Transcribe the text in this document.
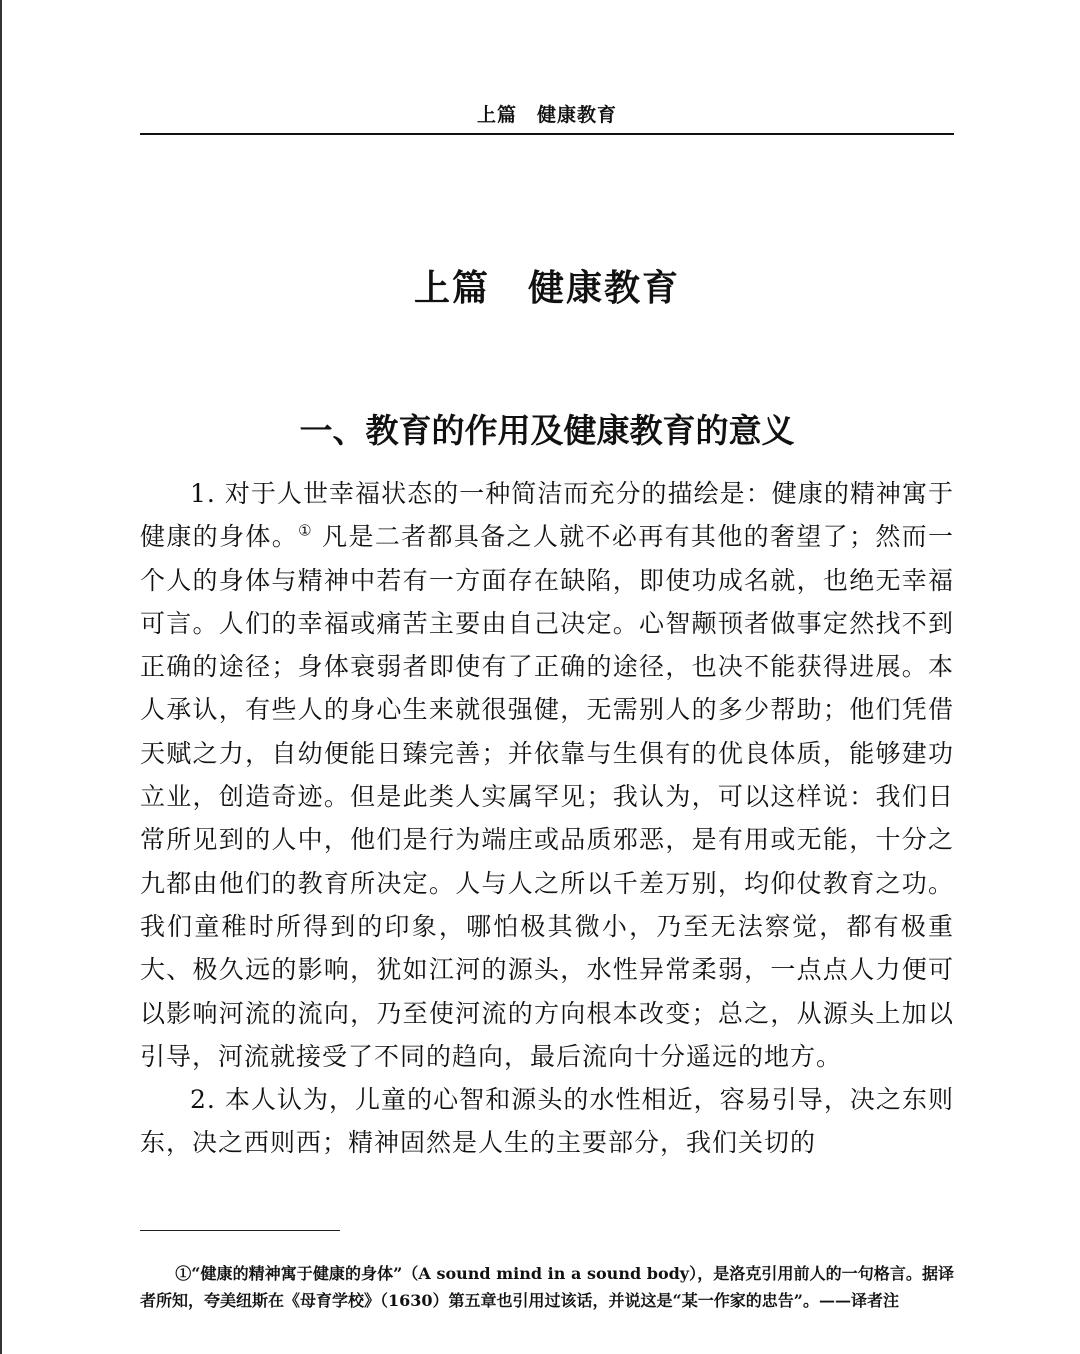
上篇　健康教育
上篇　健康教育
一、教育的作用及健康教育的意义

1. 对于人世幸福状态的一种简洁而充分的描绘是：健康的精神寓于健康的身体。① 凡是二者都具备之人就不必再有其他的奢望了；然而一个人的身体与精神中若有一方面存在缺陷，即使功成名就，也绝无幸福可言。人们的幸福或痛苦主要由自己决定。心智颟顸者做事定然找不到正确的途径；身体衰弱者即使有了正确的途径，也决不能获得进展。本人承认，有些人的身心生来就很强健，无需别人的多少帮助；他们凭借天赋之力，自幼便能日臻完善；并依靠与生俱有的优良体质，能够建功立业，创造奇迹。但是此类人实属罕见；我认为，可以这样说：我们日常所见到的人中，他们是行为端庄或品质邪恶，是有用或无能，十分之九都由他们的教育所决定。人与人之所以千差万别，均仰仗教育之功。我们童稚时所得到的印象，哪怕极其微小，乃至无法察觉，都有极重大、极久远的影响，犹如江河的源头，水性异常柔弱，一点点人力便可以影响河流的流向，乃至使河流的方向根本改变；总之，从源头上加以引导，河流就接受了不同的趋向，最后流向十分遥远的地方。

2. 本人认为，儿童的心智和源头的水性相近，容易引导，决之东则东，决之西则西；精神固然是人生的主要部分，我们关切的

①“健康的精神寓于健康的身体”（A sound mind in a sound body），是洛克引用前人的一句格言。据译者所知，夸美纽斯在《母育学校》（1630）第五章也引用过该话，并说这是“某一作家的忠告”。——译者注
